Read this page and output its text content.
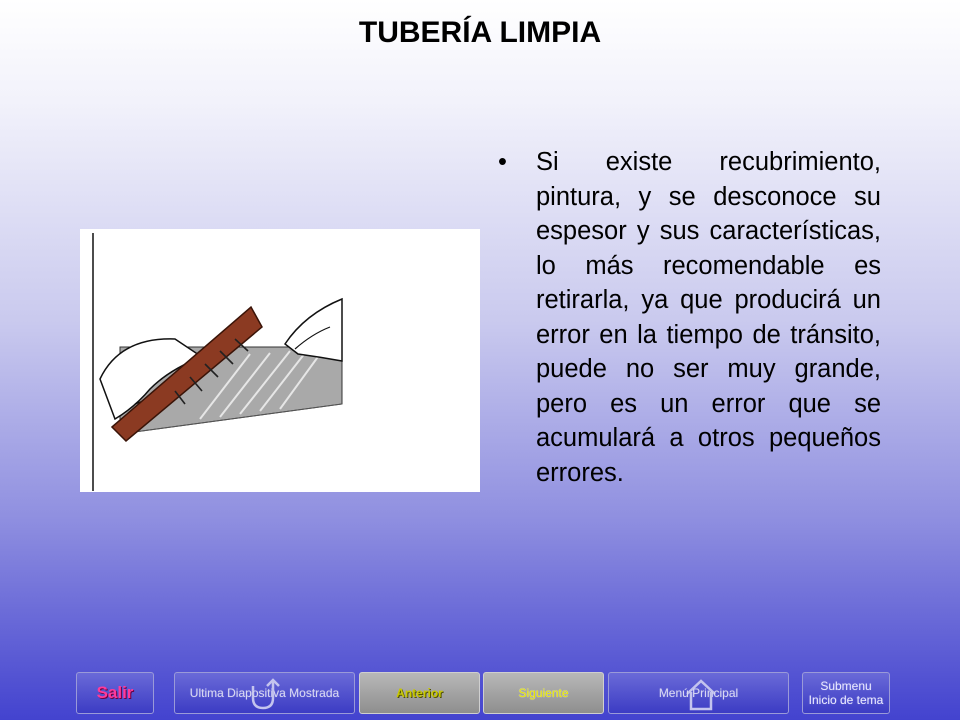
TUBERÍA LIMPIA
•	Si existe recubrimiento, pintura, y se desconoce su espesor y sus características, lo más recomendable es retirarla, ya que producirá un error en la tiempo de tránsito, puede no ser muy grande, pero es un error que se acumulará a otros pequeños errores.
Salir	Ultima Diapositiva Mostrada	Anterior	Siguiente	Menú Principal	Submenu
Inicio de tema
